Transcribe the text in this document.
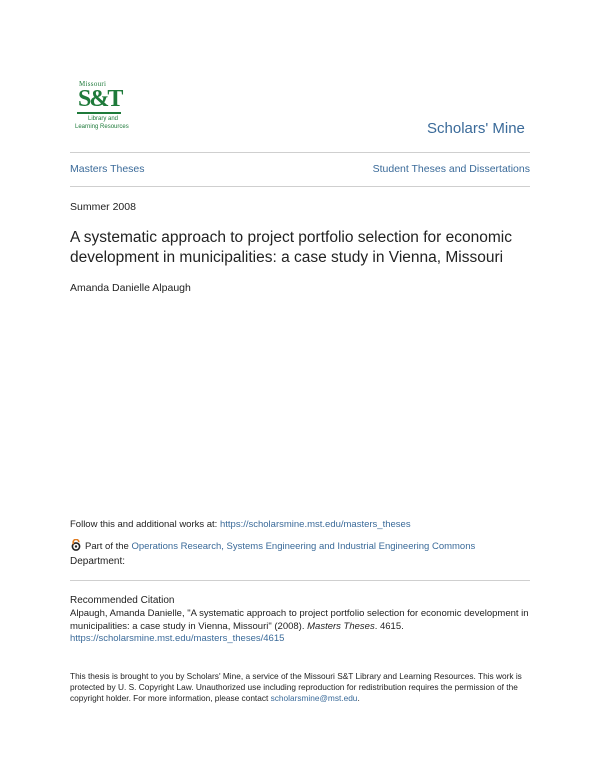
Missouri
S&T
Library and
Learning Resources	Scholars' Mine
Masters Theses	Student Theses and Dissertations
Summer 2008
A systematic approach to project portfolio selection for economic development in municipalities: a case study in Vienna, Missouri
Amanda Danielle Alpaugh
Follow this and additional works at: https://scholarsmine.mst.edu/masters_theses
Part of the Operations Research, Systems Engineering and Industrial Engineering Commons
Department:
Recommended Citation
Alpaugh, Amanda Danielle, "A systematic approach to project portfolio selection for economic development in municipalities: a case study in Vienna, Missouri" (2008). Masters Theses. 4615.
https://scholarsmine.mst.edu/masters_theses/4615
This thesis is brought to you by Scholars' Mine, a service of the Missouri S&T Library and Learning Resources. This work is protected by U. S. Copyright Law. Unauthorized use including reproduction for redistribution requires the permission of the copyright holder. For more information, please contact scholarsmine@mst.edu.
